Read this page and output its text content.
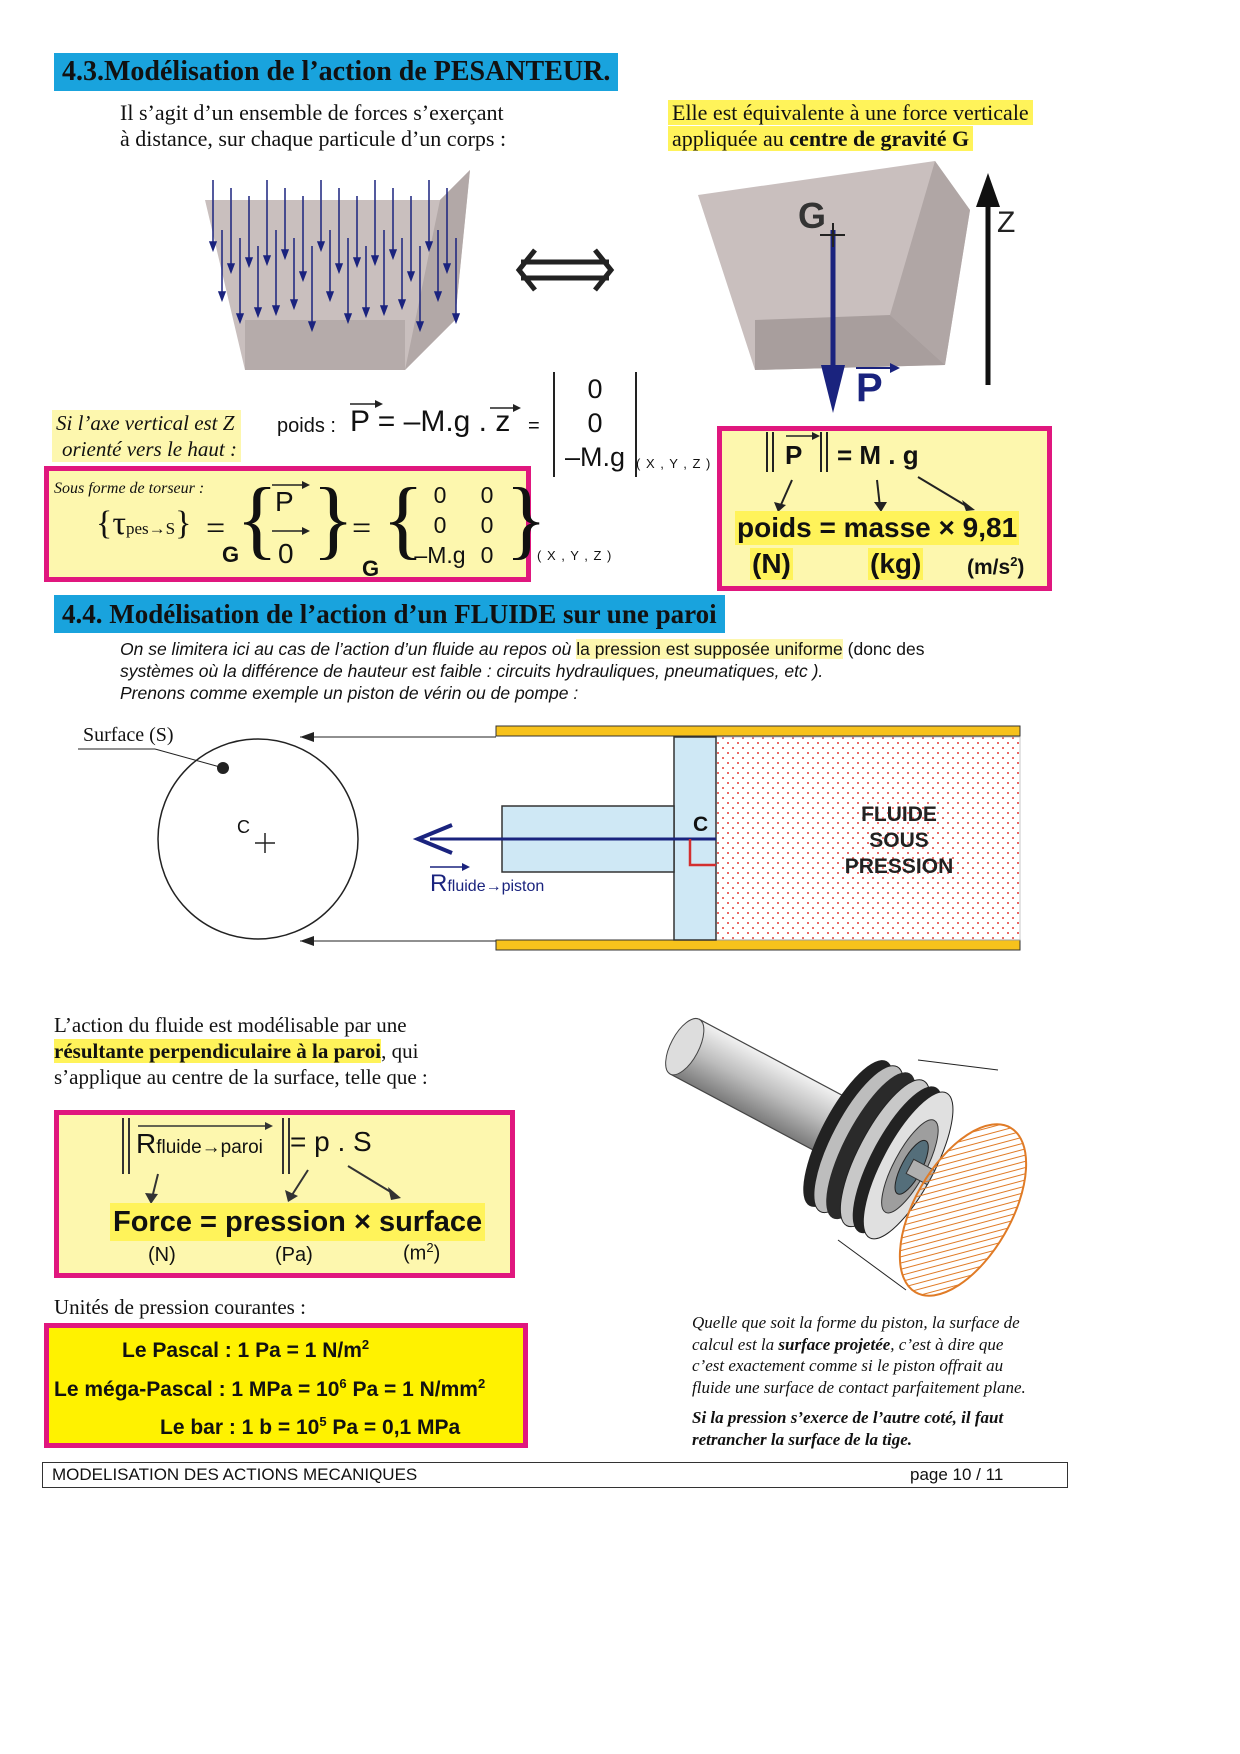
4.3.Modélisation de l’action de PESANTEUR.
Il s’agit d’un ensemble de forces s’exerçant
à distance, sur chaque particule d’un corps :
Elle est équivalente à une force verticale
appliquée au centre de gravité G
G	Z
P
Si l’axe vertical est Z
orienté vers le haut :
poids : P = –M.g . z =
0
0
–M.g ( X , Y , Z )
Sous forme de torseur :
{τpes→S} = {
P
0 }
G
= {
G
0	0
0	0
–M.g 0 }
( X , Y , Z )
P = M . g
poids = masse × 9,81
(N)	(kg) $(m/s^2)$
4.4. Modélisation de l’action d’un FLUIDE sur une paroi
On se limitera ici au cas de l’action d’un fluide au repos où la pression est supposée uniforme (donc des
systèmes où la différence de hauteur est faible : circuits hydrauliques, pneumatiques, etc ).
Prenons comme exemple un piston de vérin ou de pompe :
Surface (S)
C	C	FLUIDE
SOUS
PRESSION
Rfluide→piston
L’action du fluide est modélisable par une
résultante perpendiculaire à la paroi, qui
s’applique au centre de la surface, telle que :
Rfluide→paroi = p . S
Force = pression × surface
(N)	(Pa)	$(m^2)$
Unités de pression courantes :
Le Pascal : 1 Pa = 1 $N/m^2$
Le méga-Pascal : 1 MPa = $10^6$ Pa = 1 $N/mm^2$
Le bar : 1 $b = 10^5$ Pa = 0,1 MPa
Quelle que soit la forme du piston, la surface de
calcul est la surface projetée, c’est à dire que
c’est exactement comme si le piston offrait au
fluide une surface de contact parfaitement plane.
Si la pression s’exerce de l’autre coté, il faut
retrancher la surface de la tige.
MODELISATION DES ACTIONS MECANIQUES	page 10 / 11
